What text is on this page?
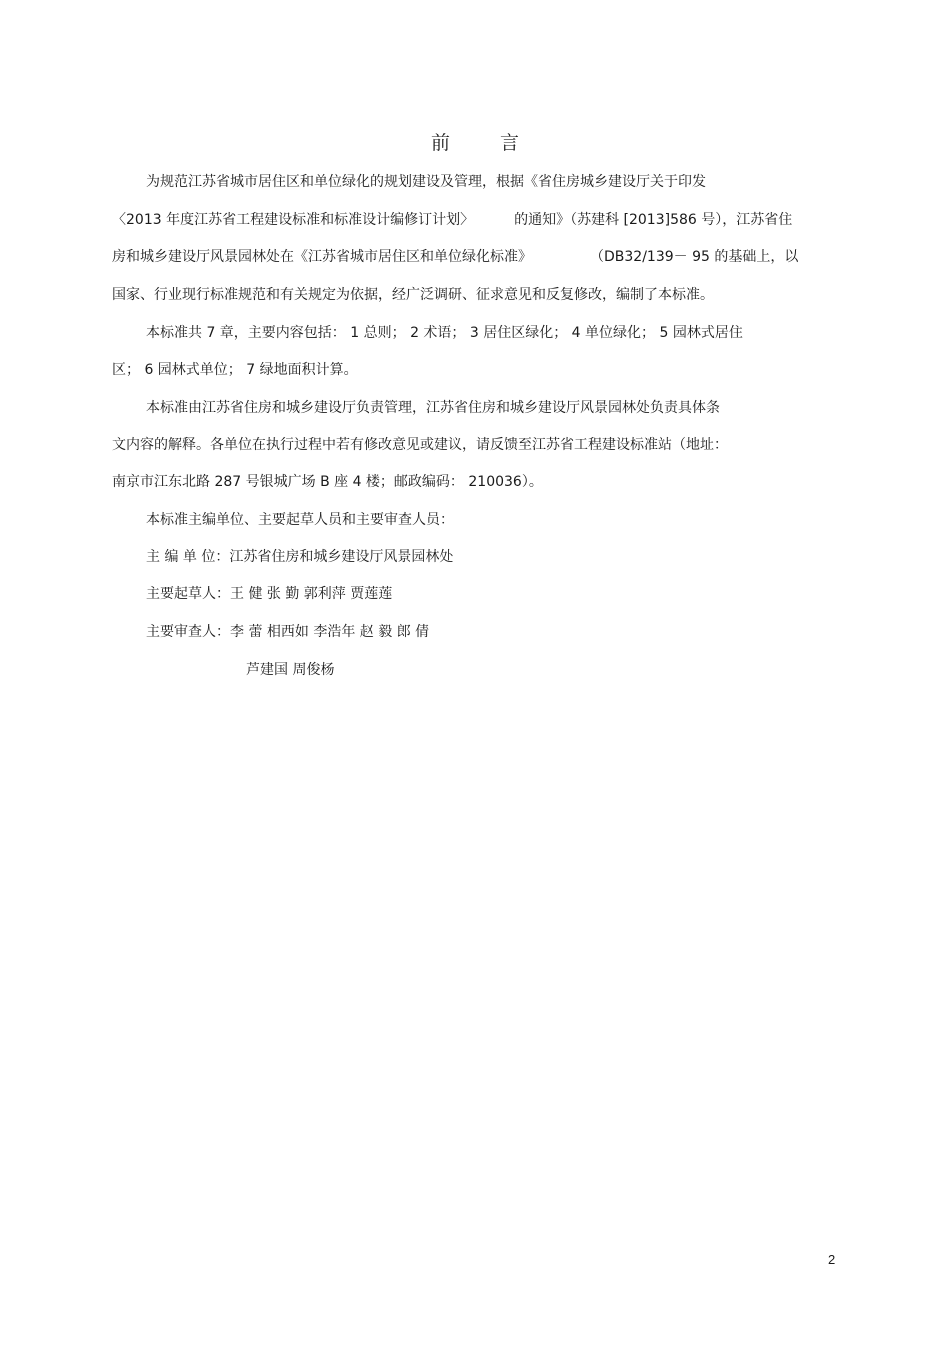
前 言
为规范江苏省城市居住区和单位绿化的规划建设及管理，根据《省住房城乡建设厅关于印发
〈2013 年度江苏省工程建设标准和标准设计编修订计划〉	的通知》（苏建科 [2013]586 号），江苏省住
房和城乡建设厅风景园林处在《江苏省城市居住区和单位绿化标准》	（DB32/139－ 95 的基础上，以
国家、行业现行标准规范和有关规定为依据，经广泛调研、征求意见和反复修改，编制了本标准。
本标准共 7 章，主要内容包括： 1 总则； 2 术语； 3 居住区绿化； 4 单位绿化； 5 园林式居住
区； 6 园林式单位； 7 绿地面积计算。
本标准由江苏省住房和城乡建设厅负责管理，江苏省住房和城乡建设厅风景园林处负责具体条
文内容的解释。各单位在执行过程中若有修改意见或建议，请反馈至江苏省工程建设标准站（地址：
南京市江东北路 287 号银城广场 B 座 4 楼；邮政编码： 210036）。
本标准主编单位、主要起草人员和主要审查人员：
主 编 单 位：江苏省住房和城乡建设厅风景园林处
主要起草人：王 健 张 勤 郭利萍 贾莲莲
主要审查人：李 蕾 相西如 李浩年 赵 毅 郎 倩
芦建国 周俊杨
2
